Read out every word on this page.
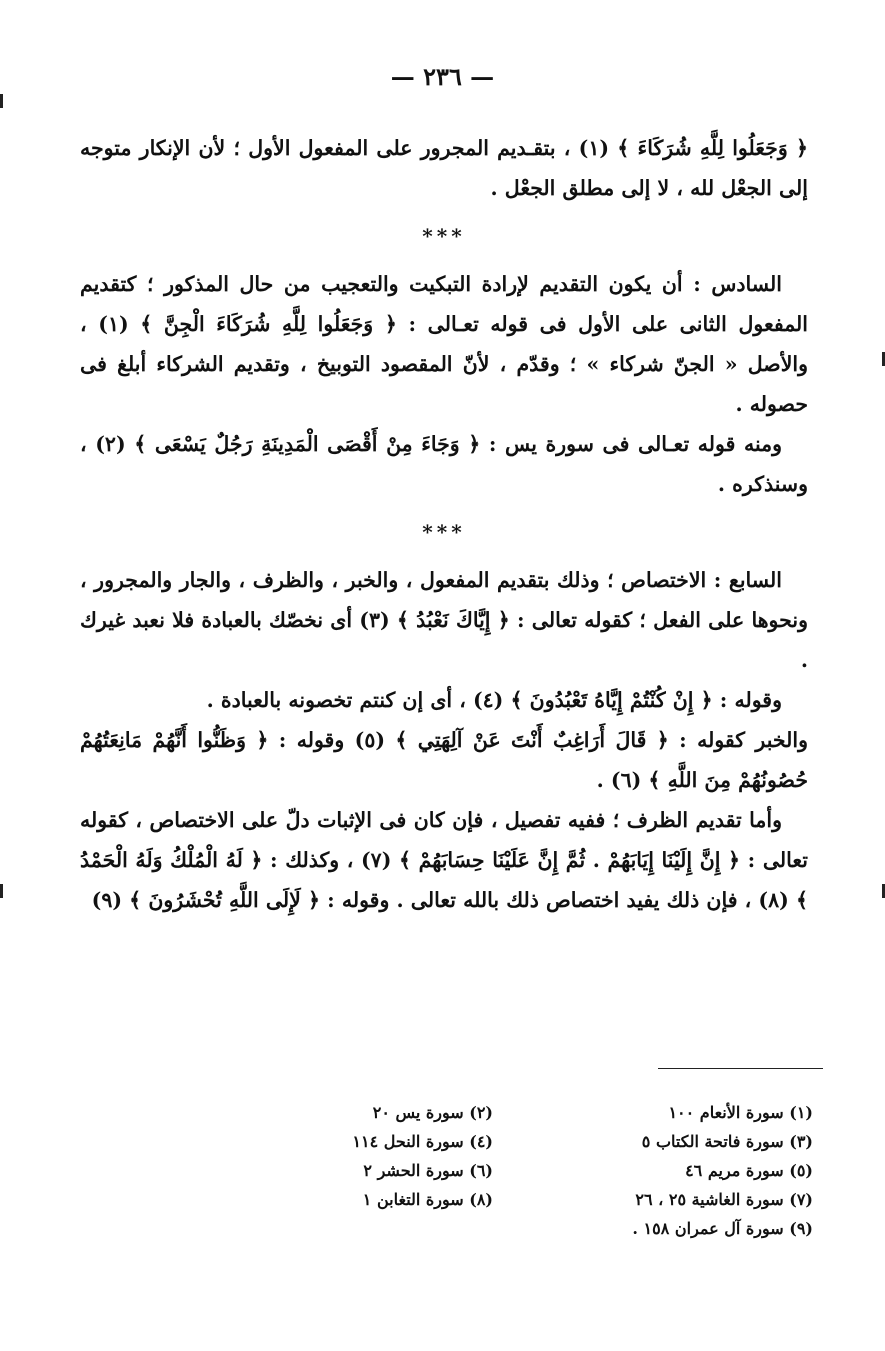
— ٢٣٦ —

﴿ وَجَعَلُوا لِلَّهِ شُرَكَاءَ ﴾ (١) ، بتقـديم المجرور على المفعول الأول ؛ لأن الإنكار متوجه إلى الجعْل لله ، لا إلى مطلق الجعْل .

***

السادس : أن يكون التقديم لإرادة التبكيت والتعجيب من حال المذكور ؛ كتقديم المفعول الثانى على الأول فى قوله تعـالى : ﴿ وَجَعَلُوا لِلَّهِ شُرَكَاءَ الْجِنَّ ﴾ (١) ، والأصل « الجنّ شركاء » ؛ وقدّم ، لأنّ المقصود التوبيخ ، وتقديم الشركاء أبلغ فى حصوله .

ومنه قوله تعـالى فى سورة يس : ﴿ وَجَاءَ مِنْ أَقْصَى الْمَدِينَةِ رَجُلٌ يَسْعَى ﴾ (٢) ، وسنذكره .

***

السابع : الاختصاص ؛ وذلك بتقديم المفعول ، والخبر ، والظرف ، والجار والمجرور ، ونحوها على الفعل ؛ كقوله تعالى : ﴿ إِيَّاكَ نَعْبُدُ ﴾ (٣) أى نخصّك بالعبادة فلا نعبد غيرك .

وقوله : ﴿ إِنْ كُنْتُمْ إِيَّاهُ تَعْبُدُونَ ﴾ (٤) ، أى إن كنتم تخصونه بالعبادة .

والخبر كقوله : ﴿ قَالَ أَرَاغِبٌ أَنْتَ عَنْ آلِهَتِي ﴾ (٥) وقوله : ﴿ وَظَنُّوا أَنَّهُمْ مَانِعَتُهُمْ حُصُونُهُمْ مِنَ اللَّهِ ﴾ (٦) .

وأما تقديم الظرف ؛ ففيه تفصيل ، فإن كان فى الإثبات دلّ على الاختصاص ، كقوله تعالى : ﴿ إِنَّ إِلَيْنَا إِيَابَهُمْ . ثُمَّ إِنَّ عَلَيْنَا حِسَابَهُمْ ﴾ (٧) ، وكذلك : ﴿ لَهُ الْمُلْكُ وَلَهُ الْحَمْدُ ﴾ (٨) ، فإن ذلك يفيد اختصاص ذلك بالله تعالى . وقوله : ﴿ لَإِلَى اللَّهِ تُحْشَرُونَ ﴾ (٩)

(١) سورة الأنعام ١٠٠
(٣) سورة فاتحة الكتاب ٥
(٥) سورة مريم ٤٦
(٧) سورة الغاشية ٢٥ ، ٢٦
(٩) سورة آل عمران ١٥٨ .
(٢) سورة يس ٢٠
(٤) سورة النحل ١١٤
(٦) سورة الحشر ٢
(٨) سورة التغابن ١
